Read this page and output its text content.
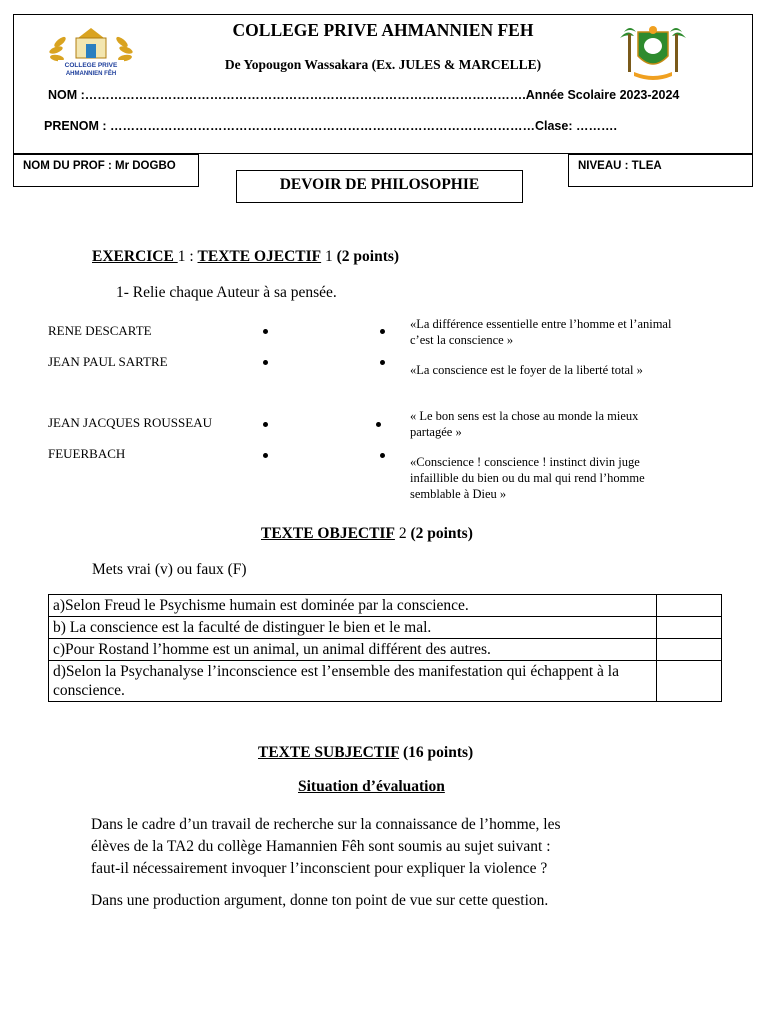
COLLEGE PRIVE
AHMANNIEN FÊH
COLLEGE PRIVE AHMANNIEN FEH
De Yopougon Wassakara (Ex. JULES & MARCELLE)
NOM :…………………………………………………………………………………………….Année Scolaire 2023-2024
PRENOM : …………………………………………………………………………………………Clase: ……….
NOM DU PROF : Mr DOGBO	NIVEAU : TLEA
DEVOIR DE PHILOSOPHIE
EXERCICE 1 : TEXTE OJECTIF 1 (2 points)
1- Relie chaque Auteur à sa pensée.
RENE DESCARTE
JEAN PAUL SARTRE
JEAN JACQUES ROUSSEAU
FEUERBACH
«La différence essentielle entre l’homme et l’animal
c’est la conscience »
«La conscience est le foyer de la liberté total »
« Le bon sens est la chose au monde la mieux
partagée »
«Conscience ! conscience ! instinct divin juge
infaillible du bien ou du mal qui rend l’homme
semblable à Dieu »
TEXTE OBJECTIF 2 (2 points)
Mets vrai (v) ou faux (F)
a)Selon Freud le Psychisme humain est dominée par la conscience.	
b) La conscience est la faculté de distinguer le bien et le mal.	
c)Pour Rostand l’homme est un animal, un animal différent des autres.	
d)Selon la Psychanalyse l’inconscience est l’ensemble des manifestation qui échappent à la conscience.	
TEXTE SUBJECTIF (16 points)
Situation d’évaluation
Dans le cadre d’un travail de recherche sur la connaissance de l’homme, les
élèves de la TA2 du collège Hamannien Fêh sont soumis au sujet suivant :
faut-il nécessairement invoquer l’inconscient pour expliquer la violence ?
Dans une production argument, donne ton point de vue sur cette question.
